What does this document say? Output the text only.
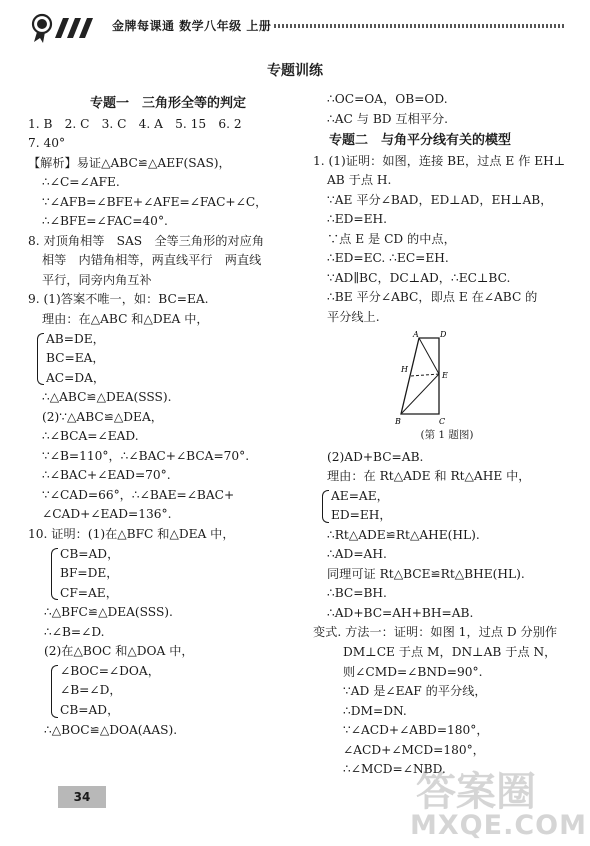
金牌每课通 数学八年级 上册
专题训练
专题一　三角形全等的判定
1. B　2. C　3. C　4. A　5. 15　6. 2
7. 40°
【解析】易证△ABC≌△AEF(SAS)，
∴∠C=∠AFE.
∵∠AFB=∠BFE+∠AFE=∠FAC+∠C，
∴∠BFE=∠FAC=40°.
8. 对顶角相等　SAS　全等三角形的对应角
相等　内错角相等，两直线平行　两直线
平行，同旁内角互补
9. (1)答案不唯一，如：BC=EA.
理由：在△ABC 和△DEA 中，
AB=DE，
BC=EA，
AC=DA，
∴△ABC≌△DEA(SSS).
(2)∵△ABC≌△DEA，
∴∠BCA=∠EAD.
∵∠B=110°，∴∠BAC+∠BCA=70°.
∴∠BAC+∠EAD=70°.
∵∠CAD=66°，∴∠BAE=∠BAC+
∠CAD+∠EAD=136°.
10. 证明：(1)在△BFC 和△DEA 中，
CB=AD，
BF=DE，
CF=AE，
∴△BFC≌△DEA(SSS).
∴∠B=∠D.
(2)在△BOC 和△DOA 中，
∠BOC=∠DOA，
∠B=∠D，
CB=AD，
∴△BOC≌△DOA(AAS).
∴OC=OA，OB=OD.
∴AC 与 BD 互相平分.
专题二　与角平分线有关的模型
1. (1)证明：如图，连接 BE，过点 E 作 EH⊥
AB 于点 H.
∵AE 平分∠BAD，ED⊥AD，EH⊥AB，
∴ED=EH.
∵点 E 是 CD 的中点，
∴ED=EC. ∴EC=EH.
∵AD∥BC，DC⊥AD，∴EC⊥BC.
∴BE 平分∠ABC，即点 E 在∠ABC 的
平分线上.
A	D
H
E
B	C
(第 1 题图)
(2)AD+BC=AB.
理由：在 Rt△ADE 和 Rt△AHE 中，
AE=AE，
ED=EH，
∴Rt△ADE≌Rt△AHE(HL).
∴AD=AH.
同理可证 Rt△BCE≌Rt△BHE(HL).
∴BC=BH.
∴AD+BC=AH+BH=AB.
变式. 方法一：证明：如图 1，过点 D 分别作
DM⊥CE 于点 M，DN⊥AB 于点 N，
则∠CMD=∠BND=90°.
∵AD 是∠EAF 的平分线，
∴DM=DN.
∵∠ACD+∠ABD=180°，
∠ACD+∠MCD=180°，
∴∠MCD=∠NBD.
34	答案圈
MXQE.COM
